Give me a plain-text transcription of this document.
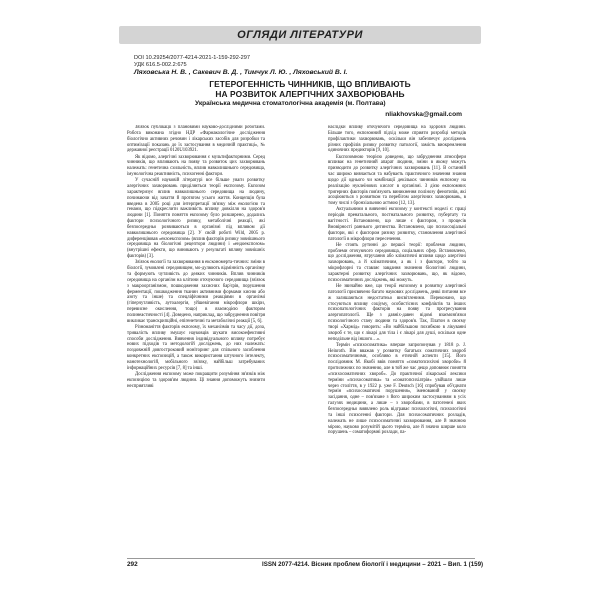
ОГЛЯДИ ЛІТЕРАТУРИ
DOI 10.29254/2077-4214-2021-1-159-292-297
УДК 616.5-002.2:675
Ляховська Н. В. , Сакевич В. Д. , Тимчук Л. Ю. , Ляховський В. І.
ГЕТЕРОГЕННІСТЬ ЧИННИКІВ, ЩО ВПЛИВАЮТЬ
НА РОЗВИТОК АЛЕРГІЧНИХ ЗАХВОРЮВАНЬ
Українська медична стоматологічна академія (м. Полтава)
nliakhovska@gmail.com

Зв'язок публікації з плановими науково-дослідними роботами. Робота виконана згідно НДР «Фармакологічне дослідження біологічно активних речовин і лікарських засобів для розробки та оптимізації показань до їх застосування в медичній практиці», № державної реєстрації 0120U103921.

Як відомо, алергічні захворювання є мультифакторними. Серед чинників, що впливають на появу та розвиток цих захворювань належать: генетична схильність, вплив навколишнього середовища, імунологічна реактивність, психогенні фактори.

У сучасній науковій літературі все більше уваги розвитку алергічних захворювань приділяється теорії експозому. Екпозом характеризує вплив навколишнього середовища на людину, починаючи від зачаття й протягом усього життя. Концепція була введена в 2005 році для інтерпретації зв'язку між екологією та генами, що підкреслити важливість впливу довкілля на здоров'я людини [1]. Поняття поняття екпозому було розширено, додались фактори психологічного ризику, метаболічні реакції, які безпосередньо розвиваються в організмі під впливом дії навколишнього середовища [2]. У своїй роботі Wild, 2005 р. диференціював «екзоекспозом» (вплив факторів ризику зовнішнього середовища на біологічні рецептори людини) і «ендоекспозом» (внутрішні ефекти, що виникають у результаті впливу зовнішніх факторів) [3].

Зв'язок екології та захворювання в екскономерта-тичних: зміни в біології, зумовлені середовищем, мо-дулюють відмінність організму та формують чутливість до деяких чинників. Вплив чинників середовища на організм на клітини оточуючого середовища (зв'язок з макроорганізмом, пошкодження захисних бар'єрів, порушення ферментації, пошкодження тканин активними формами кисню або азоту та інше) та спецліфічними реакціями в організмі (гіперчутливість, аутоалергія, уйшевігання мікрофлори шкіри, перевисне окислення, тощо) в взаємодією фактором полинеастичності [4]. Доведено, наприклад, що забруднення повітря викликає транскрипційні, епігенетичні та метаболічні реакції [5, 6].

Різноманіття факторів екпозому, їх механізмів та часу дії, доза, тривалість впливу змушує науковців шукати високоефективні способи дослідження. Вивчення індивідуального впливу потребує нових підходів та методологій досліджень, до них належать: поздовжній довгостроковий моніторинг для спільного засоблення конкретних експозицій, а також використання штучного інтелекту, нанотехнологій, мобільного зв'язку, найбільш затребуваних інформаційних ресурсів [7, 8] та інші.

Дослідження екпозому може покращити розуміння зв'язків між екпозицією та здоров'ям людини. Ці знання допоможуть знизити несприятливі

наслідки впливу оточуючого середовища на здоров'я людини. Більше того, екпозомний підхід може сприяти розробці методів профілактики захворювань, оскільки він забезпечує досліджень різних профілів ризику розвитку патології, замість виокремлення одиночних предикторів [9, 10].

Експозомною теорією доведено, що забруднення атмосфери впливає на генетичний апарат людини, зміни в якому можуть призводити до розвитку алергічних захворювань [11]. В останній час широко вивчається та набуваєть практичного значення знання щодо дії однього чи комбінації декількох чинників екпозому на реалізацію нуклеїнових кислот в організмі. З дією екпозомних тригерних факторів пов'язують виникнення полінозу фенотипів, які асоціюються з розвитком та перебігом алергічних захворювань, в тому числі з бронхіальною астмою [12, 13].

Актуальними в вивченні екпозому у контексті моделі є: праці періодів пренатального, постнатального розвитку, пубертату та вагітності. Встановлено, що лише є фактором, з процесів ймовірності раннього дитинства. Встановлено, що психосоціальні фактори, які є фактором ризику розвитку, становлення алергічної патології в мікрофлори пересечення.

Не стоять рутинні до першої теорії: проблеми людини, проблеми оточуючого середовища, соціальних сфер. Встановлено, що дослідження, втручання або кліматичні впливи щодо алергічні захворювань, а й кліматичним, а як і з фактори, тобто за мікрофлорні та ставляє завдання значення біологічні людини, характерні розвитку алергічних захворювань, що, як відомо, психосоматичних досліджень, які можуть.

Не звичайно вже, що теорії екпозому в розвитку алергічної патології присвячено багато наукових досліджень, деякі питання все ж залишаються недостатньо висвітленими. Переконано, що стосуються впливу соціуму, особистісних конфліктів та інших психопатологічних факторів на появу та прогресування алергопатології. Ще з давніх-давен відомі взаємозв'язки психологічного стану людини та здоров'я. Так, Платон в своєму творі «Хармід» говорить: «Во найбільшою похибкою в лікуванні хвороб є те, що є лікарі для тіла і є лікарі для душі, оскільки одне неподільне від іншого…».

Термін «психосоматика» вперше запропонував у 1818 р. J. Heinroth. Він вважав у розвитку багатьох соматичних хвороб психосоматичними, особливо в етичній аспекти [15]. Його послідовник М. Якобі ввів поняття «соматопсихічні хвороби» й протилежних по значенню, але в той же час дещо доповнює поняття «психосоматичних хвороб». До практичної лікарської лексики терміни «психосоматика» та «соматопсихіатрія» увійшли лише через століття, в у 1922 р. уже F. Deutsch [16] спробував об'єднати термін «психосоматичні порушення», іменований у своєму засідання, одне – пов'язане з його широким застосуванням в усіх галузях медицини, а лише – з хворобами, в патогенезі яких безпосередньо виявлено роль відграває психологічні, психологічні та інші психогенні фактори. Для психосоматичних розладів, належать не лише психосоматичні захворювання, але й значною мірою, науково розумітій цього терміна, але й значно ширше коло порушень – соматоформні розлади, па-

292	ISSN 2077-4214. Вісник проблем біології і медицини – 2021 – Вип. 1 (159)
